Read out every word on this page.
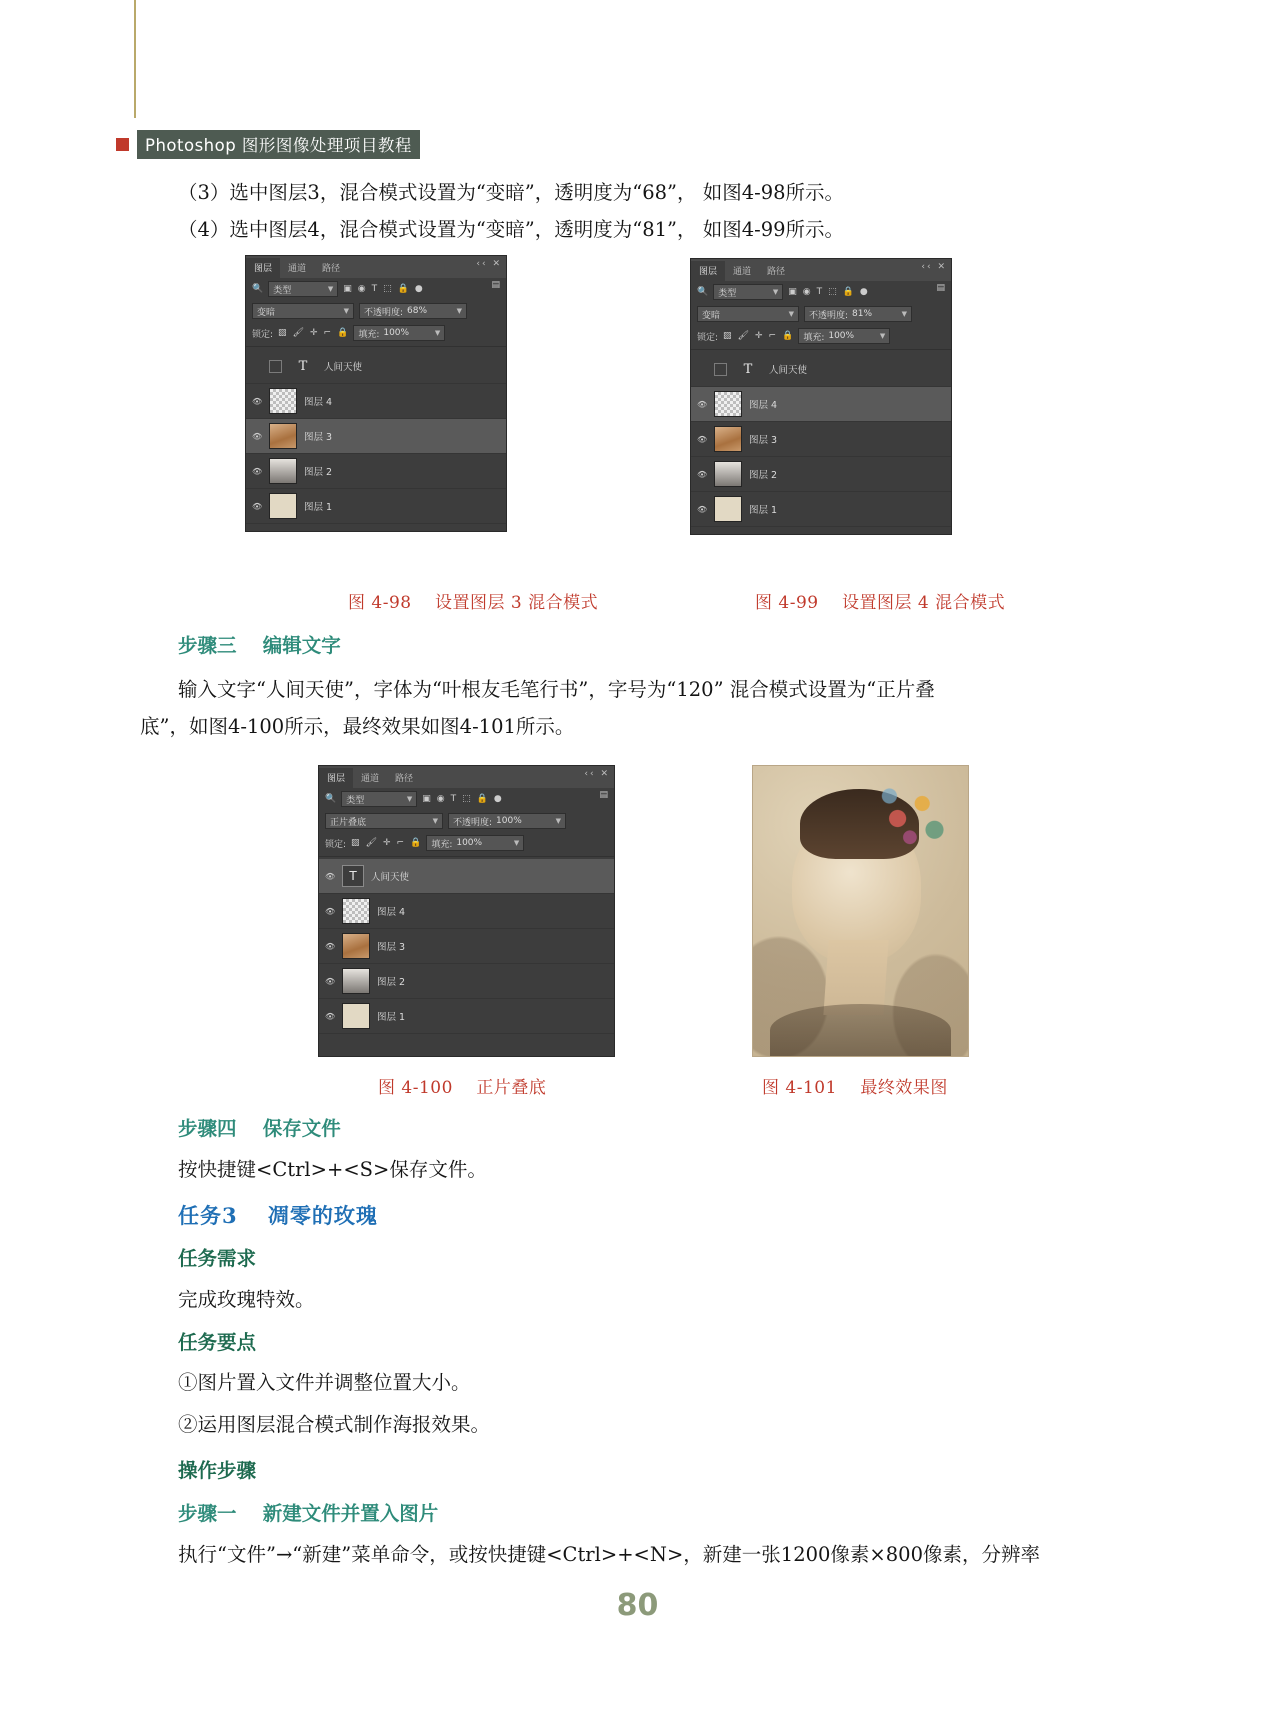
Photoshop 图形图像处理项目教程
（3）选中图层3，混合模式设置为“变暗”，透明度为“68”， 如图4-98所示。
（4）选中图层4，混合模式设置为“变暗”，透明度为“81”， 如图4-99所示。
图层	通道	路径	‹‹ ✕
▤
🔍 类型	▼ ▣ ◉ T ⬚ 🔒 ●
变暗	▼ 不透明度: 68%	▼
锁定: ▨ 🖌 ✛ ⌐ 🔒 填充: 100%	▼
T	人间天使
👁	图层 4
👁	图层 3
👁	图层 2
👁	图层 1
图层	通道	路径	‹‹ ✕
▤
🔍 类型	▼ ▣ ◉ T ⬚ 🔒 ●
变暗	▼ 不透明度: 81%	▼
锁定: ▨ 🖌 ✛ ⌐ 🔒 填充: 100%	▼
T	人间天使
👁	图层 4
👁	图层 3
👁	图层 2
👁	图层 1
图 4-98　 设置图层 3 混合模式	图 4-99　 设置图层 4 混合模式
步骤三　 编辑文字
输入文字“人间天使”，字体为“叶根友毛笔行书”，字号为“120” 混合模式设置为“正片叠
底”，如图4-100所示，最终效果如图4-101所示。
图层	通道	路径	‹‹ ✕
▤
🔍 类型	▼ ▣ ◉ T ⬚ 🔒 ●
正片叠底	▼ 不透明度: 100%	▼
锁定: ▨ 🖌 ✛ ⌐ 🔒 填充: 100%	▼
👁	T	人间天使
👁	图层 4
👁	图层 3
👁	图层 2
👁	图层 1
图 4-100　 正片叠底	图 4-101　 最终效果图
步骤四　 保存文件
按快捷键<Ctrl>+<S>保存文件。
任务3　 凋零的玫瑰
任务需求
完成玫瑰特效。
任务要点
①图片置入文件并调整位置大小。
②运用图层混合模式制作海报效果。
操作步骤
步骤一　 新建文件并置入图片
执行“文件”→“新建”菜单命令，或按快捷键<Ctrl>+<N>，新建一张1200像素×800像素，分辨率
80
